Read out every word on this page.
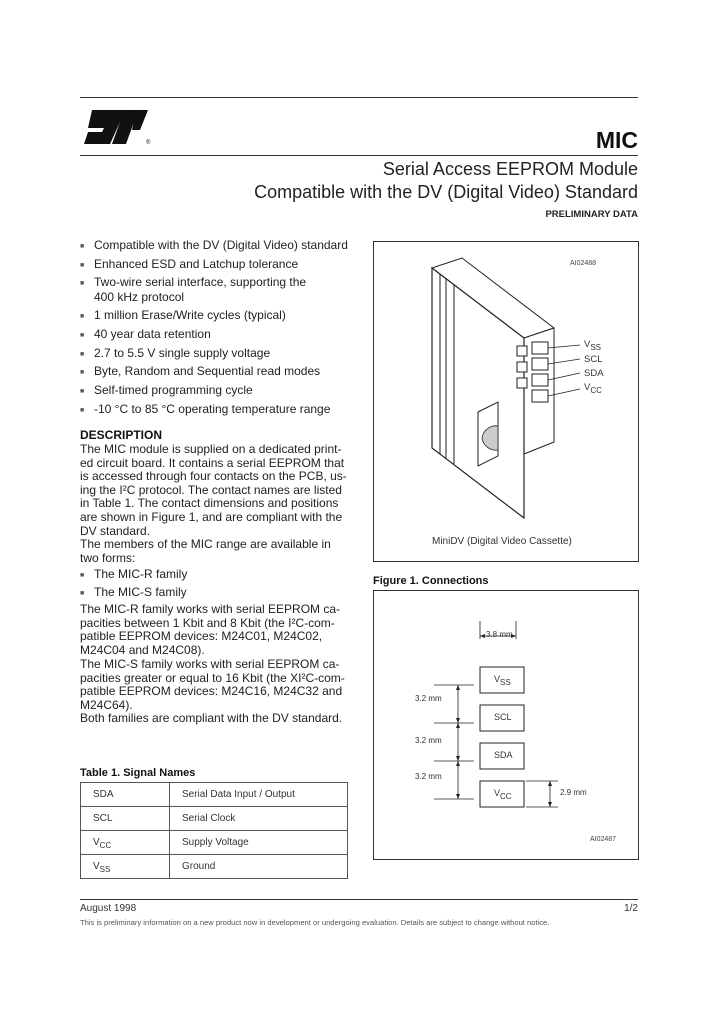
®	MIC
Serial Access EEPROM Module
Compatible with the DV (Digital Video) Standard
PRELIMINARY DATA
■ Compatible with the DV (Digital Video) standard
■ Enhanced ESD and Latchup tolerance
■ Two-wire serial interface, supporting the
400 kHz protocol
■ 1 million Erase/Write cycles (typical)
■ 40 year data retention
■ 2.7 to 5.5 V single supply voltage
■ Byte, Random and Sequential read modes
■ Self-timed programming cycle
■ -10 °C to 85 °C operating temperature range
DESCRIPTION
The MIC module is supplied on a dedicated print-
ed circuit board. It contains a serial EEPROM that
is accessed through four contacts on the PCB, us-
ing the I²C protocol. The contact names are listed
in Table 1. The contact dimensions and positions
are shown in Figure 1, and are compliant with the
DV standard.
The members of the MIC range are available in
two forms:
■ The MIC-R family
■ The MIC-S family
The MIC-R family works with serial EEPROM ca-
pacities between 1 Kbit and 8 Kbit (the I²C-com-
patible EEPROM devices: M24C01, M24C02,
M24C04 and M24C08).
The MIC-S family works with serial EEPROM ca-
pacities greater or equal to 16 Kbit (the XI²C-com-
patible EEPROM devices: M24C16, M24C32 and
M24C64).
Both families are compliant with the DV standard.
Table 1. Signal Names
SDA	Serial Data Input / Output
SCL	Serial Clock
$V_{CC}$	Supply Voltage
$V_{SS}$	Ground
AI02488
$V_{SS}$
SCL
SDA
$V_{CC}$
MiniDV (Digital Video Cassette)
Figure 1. Connections
3.8 mm
3.2 mm
3.2 mm
3.2 mm
2.9 mm
$V_{SS}$
SCL
SDA
$V_{CC}$
AI02487
August 1998	1/2
This is preliminary information on a new product now in development or undergoing evaluation. Details are subject to change without notice.
